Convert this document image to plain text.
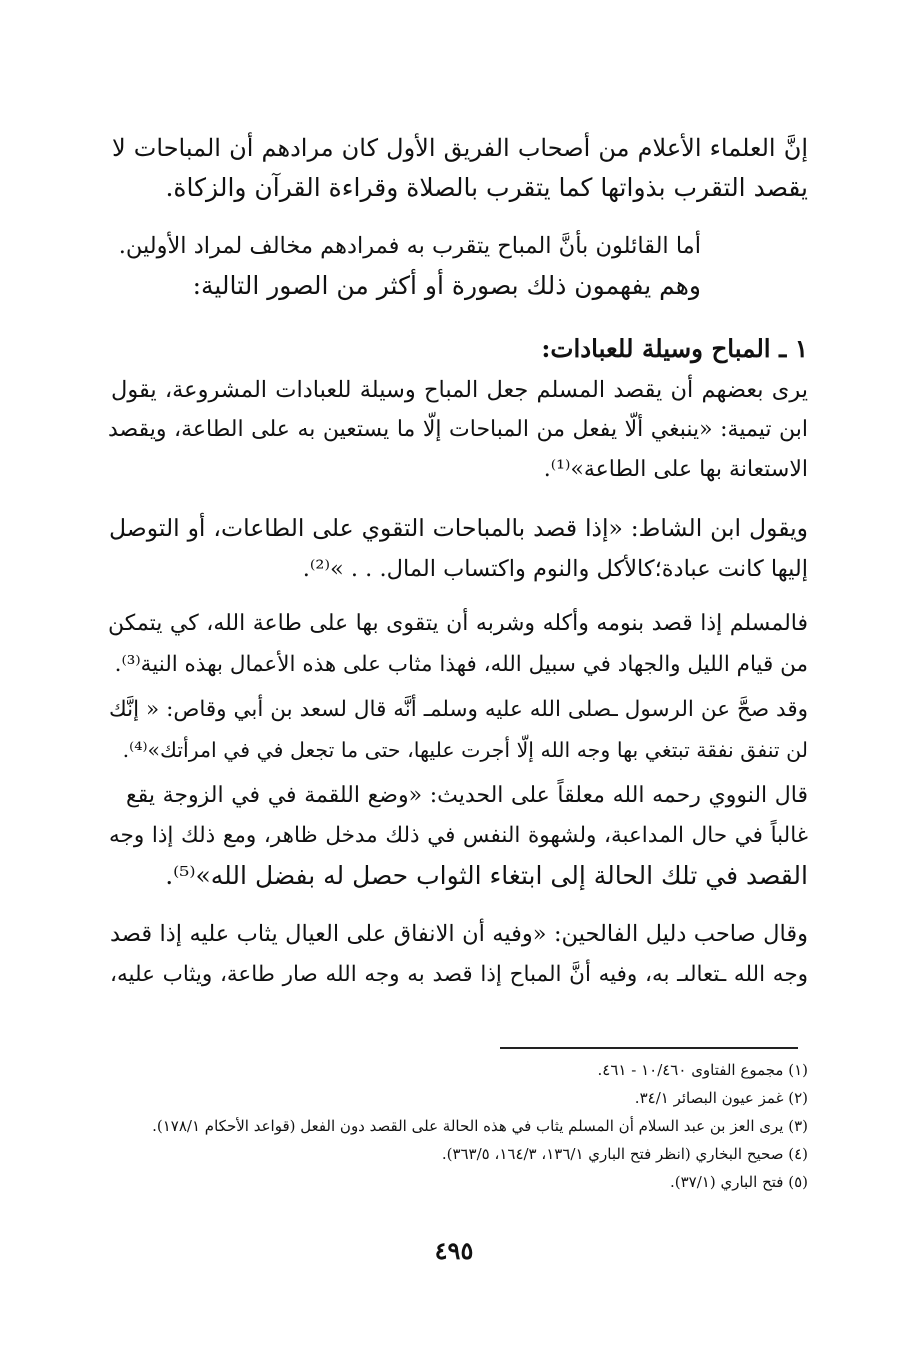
إنَّ العلماء الأعلام من أصحاب الفريق الأول كان مرادهم أن المباحات لا
يقصد التقرب بذواتها كما يتقرب بالصلاة وقراءة القرآن والزكاة.
أما القائلون بأنَّ المباح يتقرب به فمرادهم مخالف لمراد الأولين.
وهم يفهمون ذلك بصورة أو أكثر من الصور التالية:
١ ـ المباح وسيلة للعبادات:
يرى بعضهم أن يقصد المسلم جعل المباح وسيلة للعبادات المشروعة، يقول
ابن تيمية: «ينبغي ألّا يفعل من المباحات إلّا ما يستعين به على الطاعة، ويقصد
الاستعانة بها على الطاعة»⁽¹⁾.
ويقول ابن الشاط: «إذا قصد بالمباحات التقوي على الطاعات، أو التوصل
إليها كانت عبادة؛كالأكل والنوم واكتساب المال. . . »⁽²⁾.
فالمسلم إذا قصد بنومه وأكله وشربه أن يتقوى بها على طاعة الله، كي يتمكن
من قيام الليل والجهاد في سبيل الله، فهذا مثاب على هذه الأعمال بهذه النية⁽³⁾.
وقد صحَّ عن الرسول ـصلى الله عليه وسلمـ أنَّه قال لسعد بن أبي وقاص: « إنَّك
لن تنفق نفقة تبتغي بها وجه الله إلّا أجرت عليها، حتى ما تجعل في في امرأتك»⁽⁴⁾.
قال النووي رحمه الله معلقاً على الحديث: «وضع اللقمة في في الزوجة يقع
غالباً في حال المداعبة، ولشهوة النفس في ذلك مدخل ظاهر، ومع ذلك إذا وجه
القصد في تلك الحالة إلى ابتغاء الثواب حصل له بفضل الله»⁽⁵⁾.
وقال صاحب دليل الفالحين: «وفيه أن الانفاق على العيال يثاب عليه إذا قصد
وجه الله ـتعالىـ به، وفيه أنَّ المباح إذا قصد به وجه الله صار طاعة، ويثاب عليه،
(١) مجموع الفتاوى ١٠/٤٦٠ - ٤٦١.
(٢) غمز عيون البصائر ٣٤/١.
(٣) يرى العز بن عبد السلام أن المسلم يثاب في هذه الحالة على القصد دون الفعل (قواعد الأحكام ١٧٨/١).
(٤) صحيح البخاري (انظر فتح الباري ١٣٦/١، ١٦٤/٣، ٣٦٣/٥).
(٥) فتح الباري (٣٧/١).
٤٩٥
